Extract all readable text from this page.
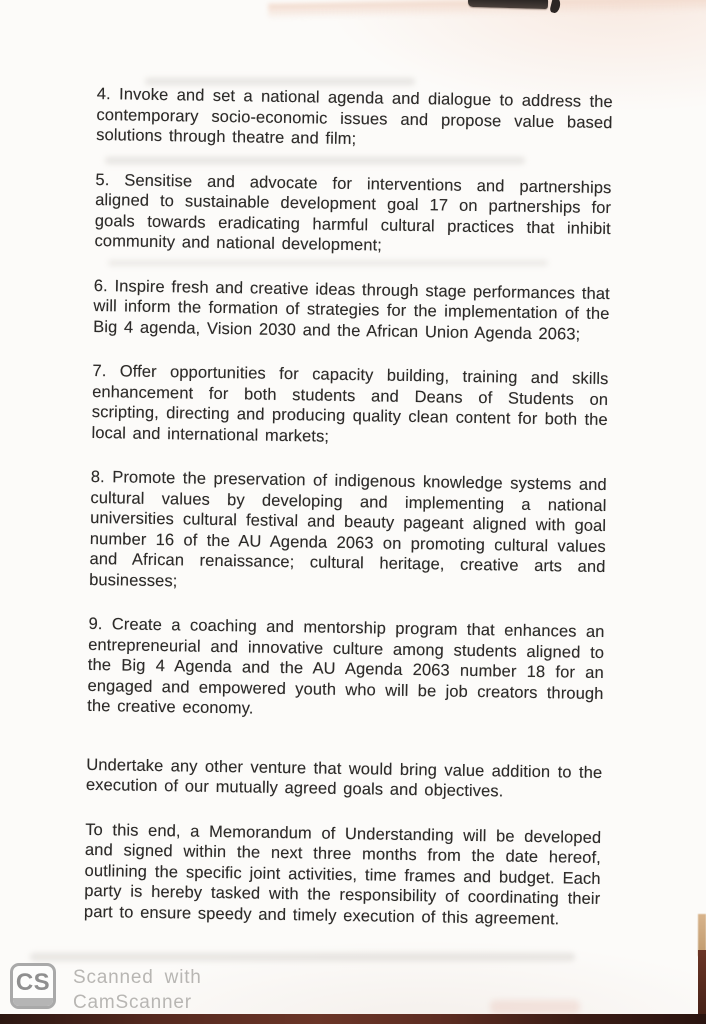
4. Invoke and set a national agenda and dialogue to address the contemporary socio-economic issues and propose value based solutions through theatre and film;

5. Sensitise and advocate for interventions and partnerships aligned to sustainable development goal 17 on partnerships for goals towards eradicating harmful cultural practices that inhibit community and national development;

6. Inspire fresh and creative ideas through stage performances that will inform the formation of strategies for the implementation of the Big 4 agenda, Vision 2030 and the African Union Agenda 2063;

7. Offer opportunities for capacity building, training and skills enhancement for both students and Deans of Students on scripting, directing and producing quality clean content for both the local and international markets;

8. Promote the preservation of indigenous knowledge systems and cultural values by developing and implementing a national universities cultural festival and beauty pageant aligned with goal number 16 of the AU Agenda 2063 on promoting cultural values and African renaissance; cultural heritage, creative arts and businesses;

9. Create a coaching and mentorship program that enhances an entrepreneurial and innovative culture among students aligned to the Big 4 Agenda and the AU Agenda 2063 number 18 for an engaged and empowered youth who will be job creators through the creative economy.

Undertake any other venture that would bring value addition to the execution of our mutually agreed goals and objectives.

To this end, a Memorandum of Understanding will be developed and signed within the next three months from the date hereof, outlining the specific joint activities, time frames and budget. Each party is hereby tasked with the responsibility of coordinating their part to ensure speedy and timely execution of this agreement.

CS Scanned with
CamScanner
